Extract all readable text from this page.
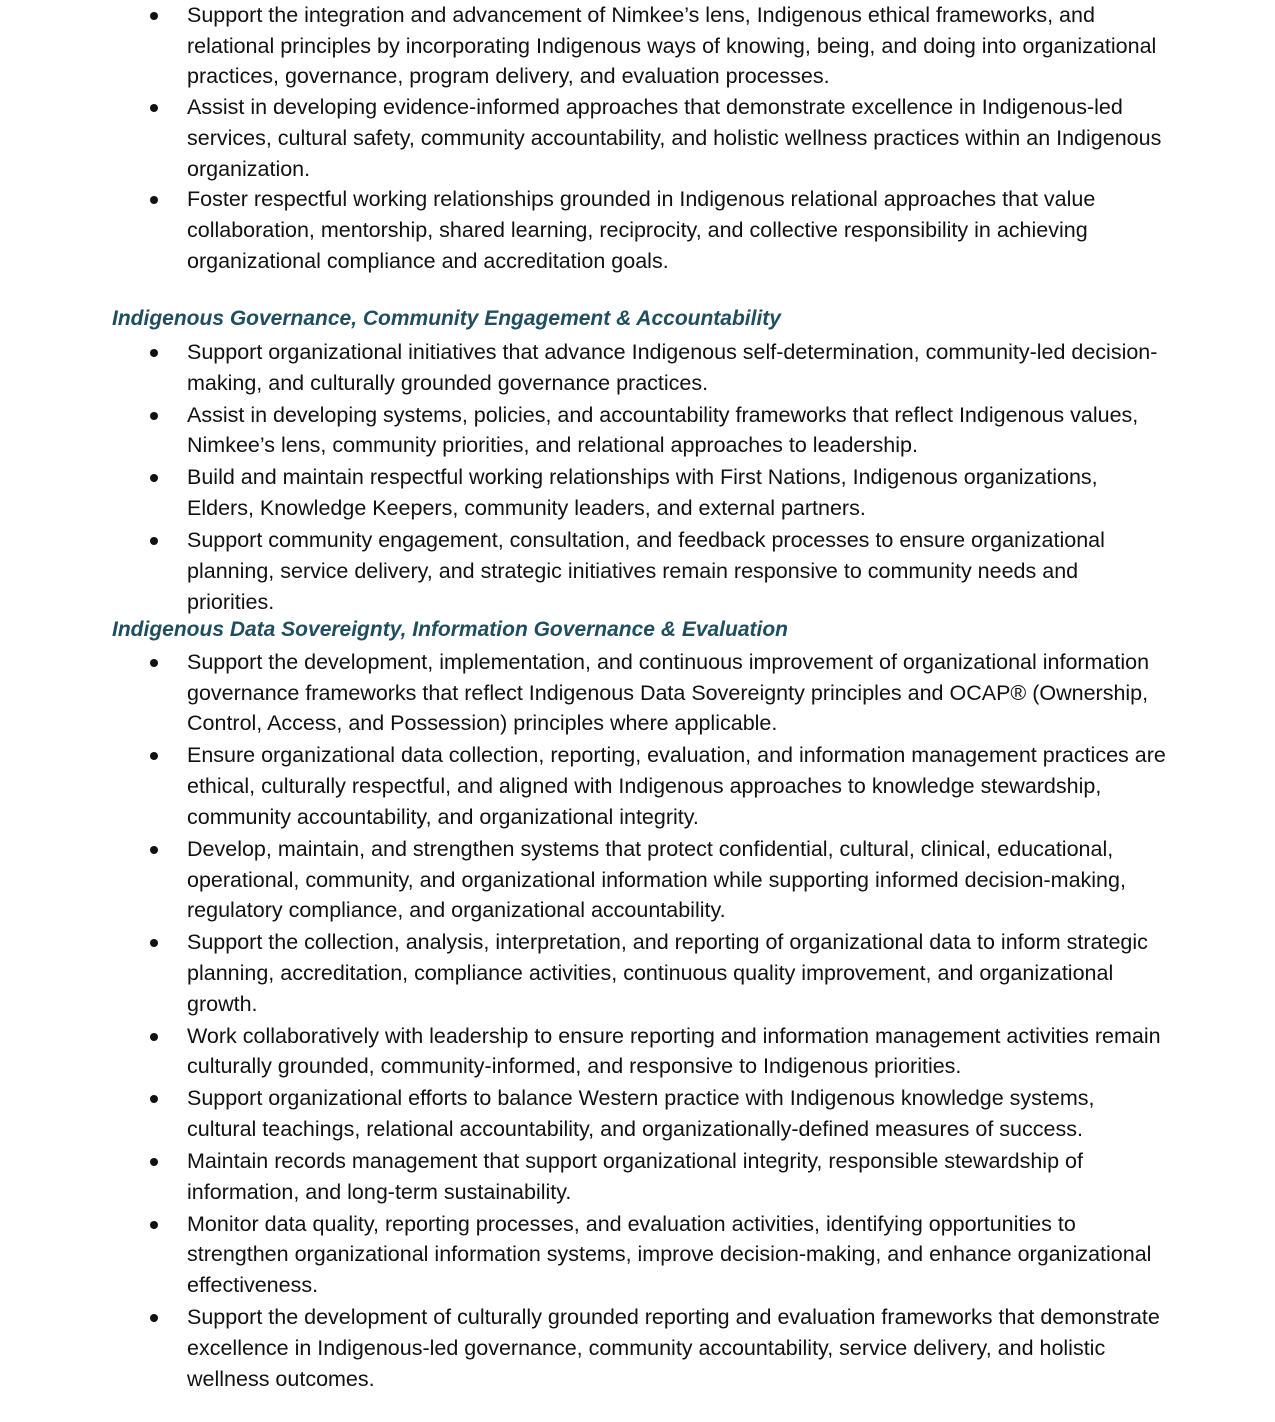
Support the integration and advancement of Nimkee’s lens, Indigenous ethical frameworks, and relational principles by incorporating Indigenous ways of knowing, being, and doing into organizational practices, governance, program delivery, and evaluation processes.
Assist in developing evidence-informed approaches that demonstrate excellence in Indigenous-led services, cultural safety, community accountability, and holistic wellness practices within an Indigenous organization.
Foster respectful working relationships grounded in Indigenous relational approaches that value collaboration, mentorship, shared learning, reciprocity, and collective responsibility in achieving organizational compliance and accreditation goals.
Indigenous Governance, Community Engagement & Accountability
Support organizational initiatives that advance Indigenous self-determination, community-led decision-making, and culturally grounded governance practices.
Assist in developing systems, policies, and accountability frameworks that reflect Indigenous values, Nimkee’s lens, community priorities, and relational approaches to leadership.
Build and maintain respectful working relationships with First Nations, Indigenous organizations, Elders, Knowledge Keepers, community leaders, and external partners.
Support community engagement, consultation, and feedback processes to ensure organizational planning, service delivery, and strategic initiatives remain responsive to community needs and priorities.
Indigenous Data Sovereignty, Information Governance & Evaluation
Support the development, implementation, and continuous improvement of organizational information governance frameworks that reflect Indigenous Data Sovereignty principles and OCAP® (Ownership, Control, Access, and Possession) principles where applicable.
Ensure organizational data collection, reporting, evaluation, and information management practices are ethical, culturally respectful, and aligned with Indigenous approaches to knowledge stewardship, community accountability, and organizational integrity.
Develop, maintain, and strengthen systems that protect confidential, cultural, clinical, educational, operational, community, and organizational information while supporting informed decision-making, regulatory compliance, and organizational accountability.
Support the collection, analysis, interpretation, and reporting of organizational data to inform strategic planning, accreditation, compliance activities, continuous quality improvement, and organizational growth.
Work collaboratively with leadership to ensure reporting and information management activities remain culturally grounded, community-informed, and responsive to Indigenous priorities.
Support organizational efforts to balance Western practice with Indigenous knowledge systems, cultural teachings, relational accountability, and organizationally-defined measures of success.
Maintain records management that support organizational integrity, responsible stewardship of information, and long-term sustainability.
Monitor data quality, reporting processes, and evaluation activities, identifying opportunities to strengthen organizational information systems, improve decision-making, and enhance organizational effectiveness.
Support the development of culturally grounded reporting and evaluation frameworks that demonstrate excellence in Indigenous-led governance, community accountability, service delivery, and holistic wellness outcomes.
